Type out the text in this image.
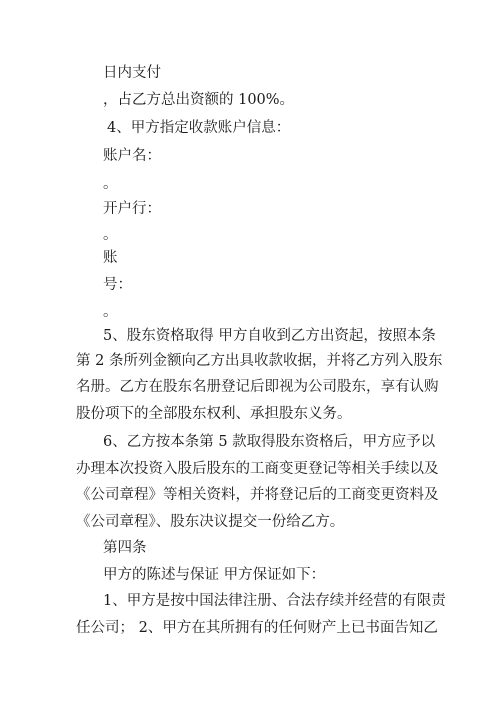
日内支付
，占乙方总出资额的 100%。
4、甲方指定收款账户信息：
账户名：
。
开户行：
。
账
号：
。
5、股东资格取得 甲方自收到乙方出资起，按照本条
第 2 条所列金额向乙方出具收款收据，并将乙方列入股东
名册。乙方在股东名册登记后即视为公司股东，享有认购
股份项下的全部股东权利、承担股东义务。
6、乙方按本条第 5 款取得股东资格后，甲方应予以
办理本次投资入股后股东的工商变更登记等相关手续以及
《公司章程》等相关资料，并将登记后的工商变更资料及
《公司章程》、股东决议提交一份给乙方。
第四条
甲方的陈述与保证 甲方保证如下：
1、甲方是按中国法律注册、合法存续并经营的有限责
任公司； 2、甲方在其所拥有的任何财产上已书面告知乙
